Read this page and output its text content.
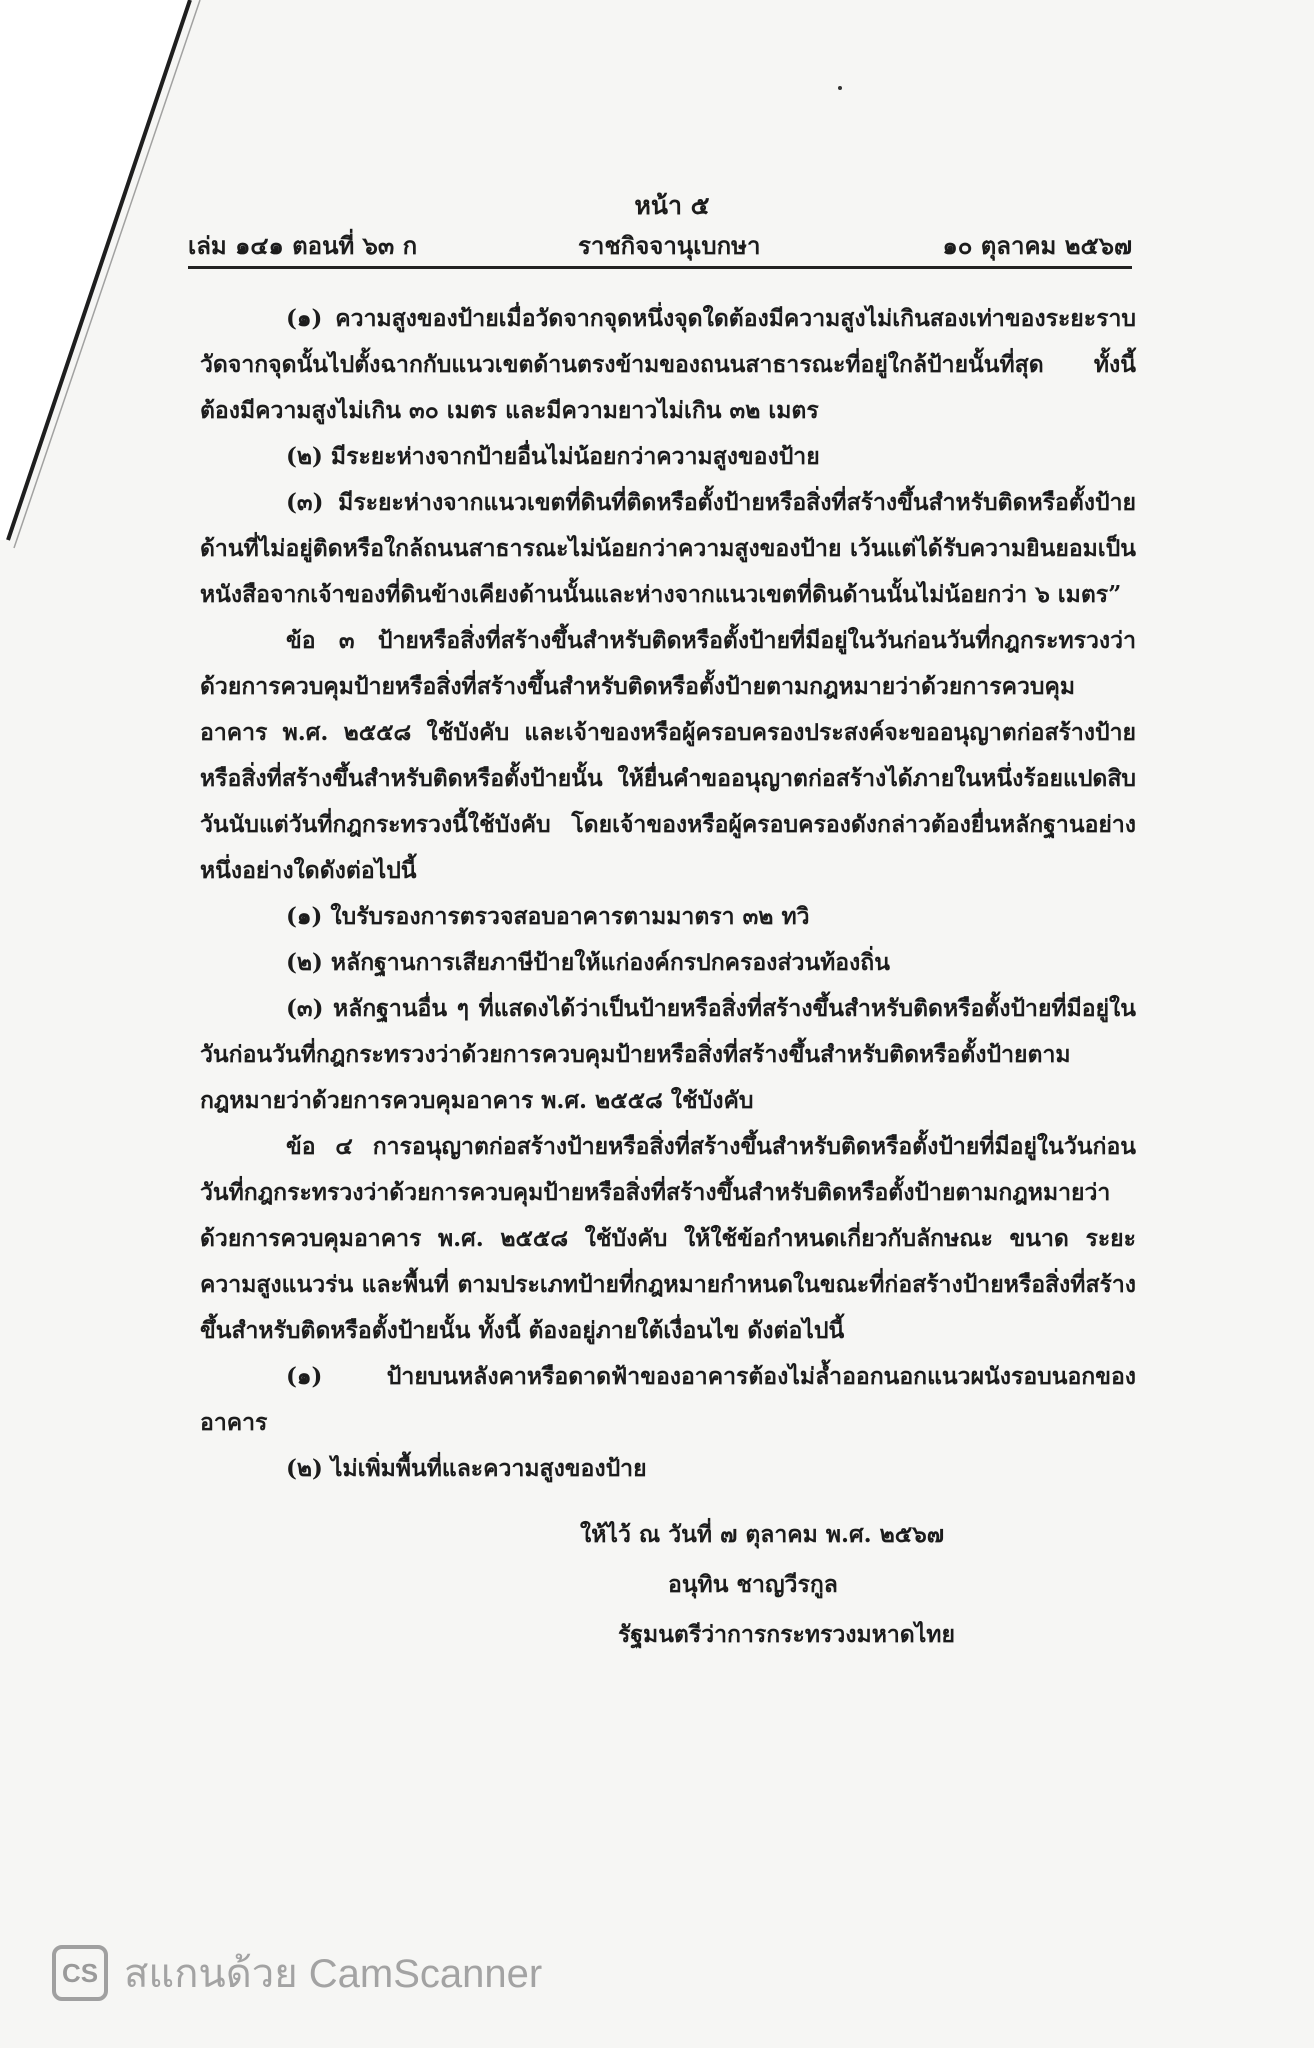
หน้า ๕
เล่ม ๑๔๑ ตอนที่ ๖๓ ก	ราชกิจจานุเบกษา	๑๐ ตุลาคม ๒๕๖๗

(๑) ความสูงของป้ายเมื่อวัดจากจุดหนึ่งจุดใดต้องมีความสูงไม่เกินสองเท่าของระยะราบวัดจากจุดนั้นไปตั้งฉากกับแนวเขตด้านตรงข้ามของถนนสาธารณะที่อยู่ใกล้ป้ายนั้นที่สุด ทั้งนี้ ต้องมีความสูงไม่เกิน ๓๐ เมตร และมีความยาวไม่เกิน ๓๒ เมตร

(๒) มีระยะห่างจากป้ายอื่นไม่น้อยกว่าความสูงของป้าย

(๓) มีระยะห่างจากแนวเขตที่ดินที่ติดหรือตั้งป้ายหรือสิ่งที่สร้างขึ้นสำหรับติดหรือตั้งป้ายด้านที่ไม่อยู่ติดหรือใกล้ถนนสาธารณะไม่น้อยกว่าความสูงของป้าย เว้นแต่ได้รับความยินยอมเป็นหนังสือจากเจ้าของที่ดินข้างเคียงด้านนั้นและห่างจากแนวเขตที่ดินด้านนั้นไม่น้อยกว่า ๖ เมตร”

ข้อ ๓ ป้ายหรือสิ่งที่สร้างขึ้นสำหรับติดหรือตั้งป้ายที่มีอยู่ในวันก่อนวันที่กฎกระทรวงว่าด้วยการควบคุมป้ายหรือสิ่งที่สร้างขึ้นสำหรับติดหรือตั้งป้ายตามกฎหมายว่าด้วยการควบคุมอาคาร พ.ศ. ๒๕๕๘ ใช้บังคับ และเจ้าของหรือผู้ครอบครองประสงค์จะขออนุญาตก่อสร้างป้ายหรือสิ่งที่สร้างขึ้นสำหรับติดหรือตั้งป้ายนั้น ให้ยื่นคำขออนุญาตก่อสร้างได้ภายในหนึ่งร้อยแปดสิบวันนับแต่วันที่กฎกระทรวงนี้ใช้บังคับ โดยเจ้าของหรือผู้ครอบครองดังกล่าวต้องยื่นหลักฐานอย่างหนึ่งอย่างใดดังต่อไปนี้

(๑) ใบรับรองการตรวจสอบอาคารตามมาตรา ๓๒ ทวิ

(๒) หลักฐานการเสียภาษีป้ายให้แก่องค์กรปกครองส่วนท้องถิ่น

(๓) หลักฐานอื่น ๆ ที่แสดงได้ว่าเป็นป้ายหรือสิ่งที่สร้างขึ้นสำหรับติดหรือตั้งป้ายที่มีอยู่ในวันก่อนวันที่กฎกระทรวงว่าด้วยการควบคุมป้ายหรือสิ่งที่สร้างขึ้นสำหรับติดหรือตั้งป้ายตามกฎหมายว่าด้วยการควบคุมอาคาร พ.ศ. ๒๕๕๘ ใช้บังคับ

ข้อ ๔ การอนุญาตก่อสร้างป้ายหรือสิ่งที่สร้างขึ้นสำหรับติดหรือตั้งป้ายที่มีอยู่ในวันก่อนวันที่กฎกระทรวงว่าด้วยการควบคุมป้ายหรือสิ่งที่สร้างขึ้นสำหรับติดหรือตั้งป้ายตามกฎหมายว่าด้วยการควบคุมอาคาร พ.ศ. ๒๕๕๘ ใช้บังคับ ให้ใช้ข้อกำหนดเกี่ยวกับลักษณะ ขนาด ระยะ ความสูงแนวร่น และพื้นที่ ตามประเภทป้ายที่กฎหมายกำหนดในขณะที่ก่อสร้างป้ายหรือสิ่งที่สร้างขึ้นสำหรับติดหรือตั้งป้ายนั้น ทั้งนี้ ต้องอยู่ภายใต้เงื่อนไข ดังต่อไปนี้

(๑) ป้ายบนหลังคาหรือดาดฟ้าของอาคารต้องไม่ล้ำออกนอกแนวผนังรอบนอกของอาคาร

(๒) ไม่เพิ่มพื้นที่และความสูงของป้าย

ให้ไว้ ณ วันที่ ๗ ตุลาคม พ.ศ. ๒๕๖๗
อนุทิน ชาญวีรกูล
รัฐมนตรีว่าการกระทรวงมหาดไทย
CS สแกนด้วย CamScanner
